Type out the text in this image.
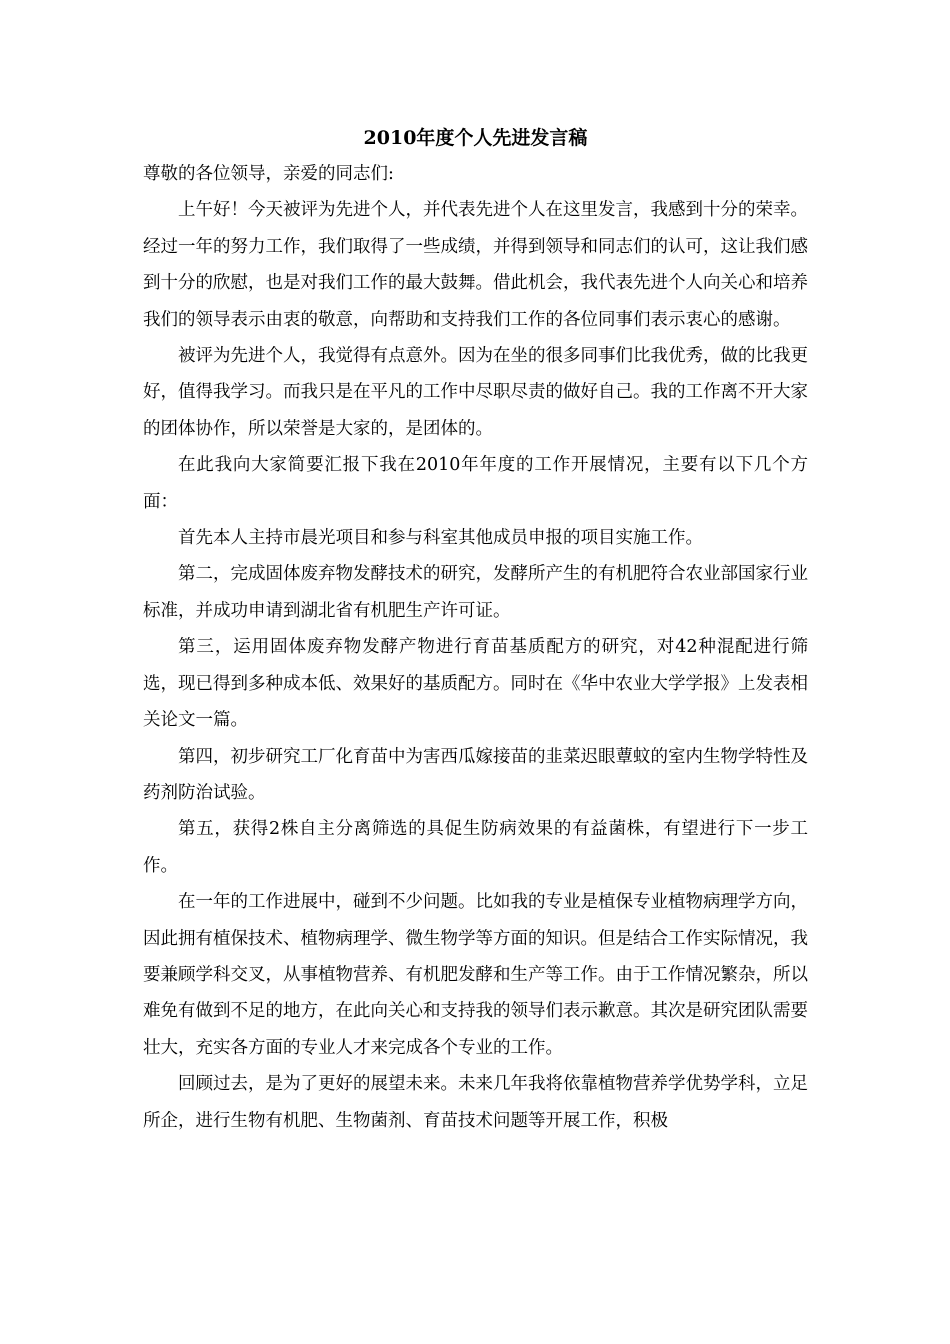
2010年度个人先进发言稿

尊敬的各位领导，亲爱的同志们:

上午好！今天被评为先进个人，并代表先进个人在这里发言，我感到十分的荣幸。经过一年的努力工作，我们取得了一些成绩，并得到领导和同志们的认可，这让我们感到十分的欣慰，也是对我们工作的最大鼓舞。借此机会，我代表先进个人向关心和培养我们的领导表示由衷的敬意，向帮助和支持我们工作的各位同事们表示衷心的感谢。

被评为先进个人，我觉得有点意外。因为在坐的很多同事们比我优秀，做的比我更好，值得我学习。而我只是在平凡的工作中尽职尽责的做好自己。我的工作离不开大家的团体协作，所以荣誉是大家的，是团体的。

在此我向大家简要汇报下我在2010年年度的工作开展情况，主要有以下几个方面：

首先本人主持市晨光项目和参与科室其他成员申报的项目实施工作。

第二，完成固体废弃物发酵技术的研究，发酵所产生的有机肥符合农业部国家行业标准，并成功申请到湖北省有机肥生产许可证。

第三，运用固体废弃物发酵产物进行育苗基质配方的研究，对42种混配进行筛选，现已得到多种成本低、效果好的基质配方。同时在《华中农业大学学报》上发表相关论文一篇。

第四，初步研究工厂化育苗中为害西瓜嫁接苗的韭菜迟眼蕈蚊的室内生物学特性及药剂防治试验。

第五，获得2株自主分离筛选的具促生防病效果的有益菌株，有望进行下一步工作。

在一年的工作进展中，碰到不少问题。比如我的专业是植保专业植物病理学方向，因此拥有植保技术、植物病理学、微生物学等方面的知识。但是结合工作实际情况，我要兼顾学科交叉，从事植物营养、有机肥发酵和生产等工作。由于工作情况繁杂，所以难免有做到不足的地方，在此向关心和支持我的领导们表示歉意。其次是研究团队需要壮大，充实各方面的专业人才来完成各个专业的工作。

回顾过去，是为了更好的展望未来。未来几年我将依靠植物营养学优势学科，立足所企，进行生物有机肥、生物菌剂、育苗技术问题等开展工作，积极
